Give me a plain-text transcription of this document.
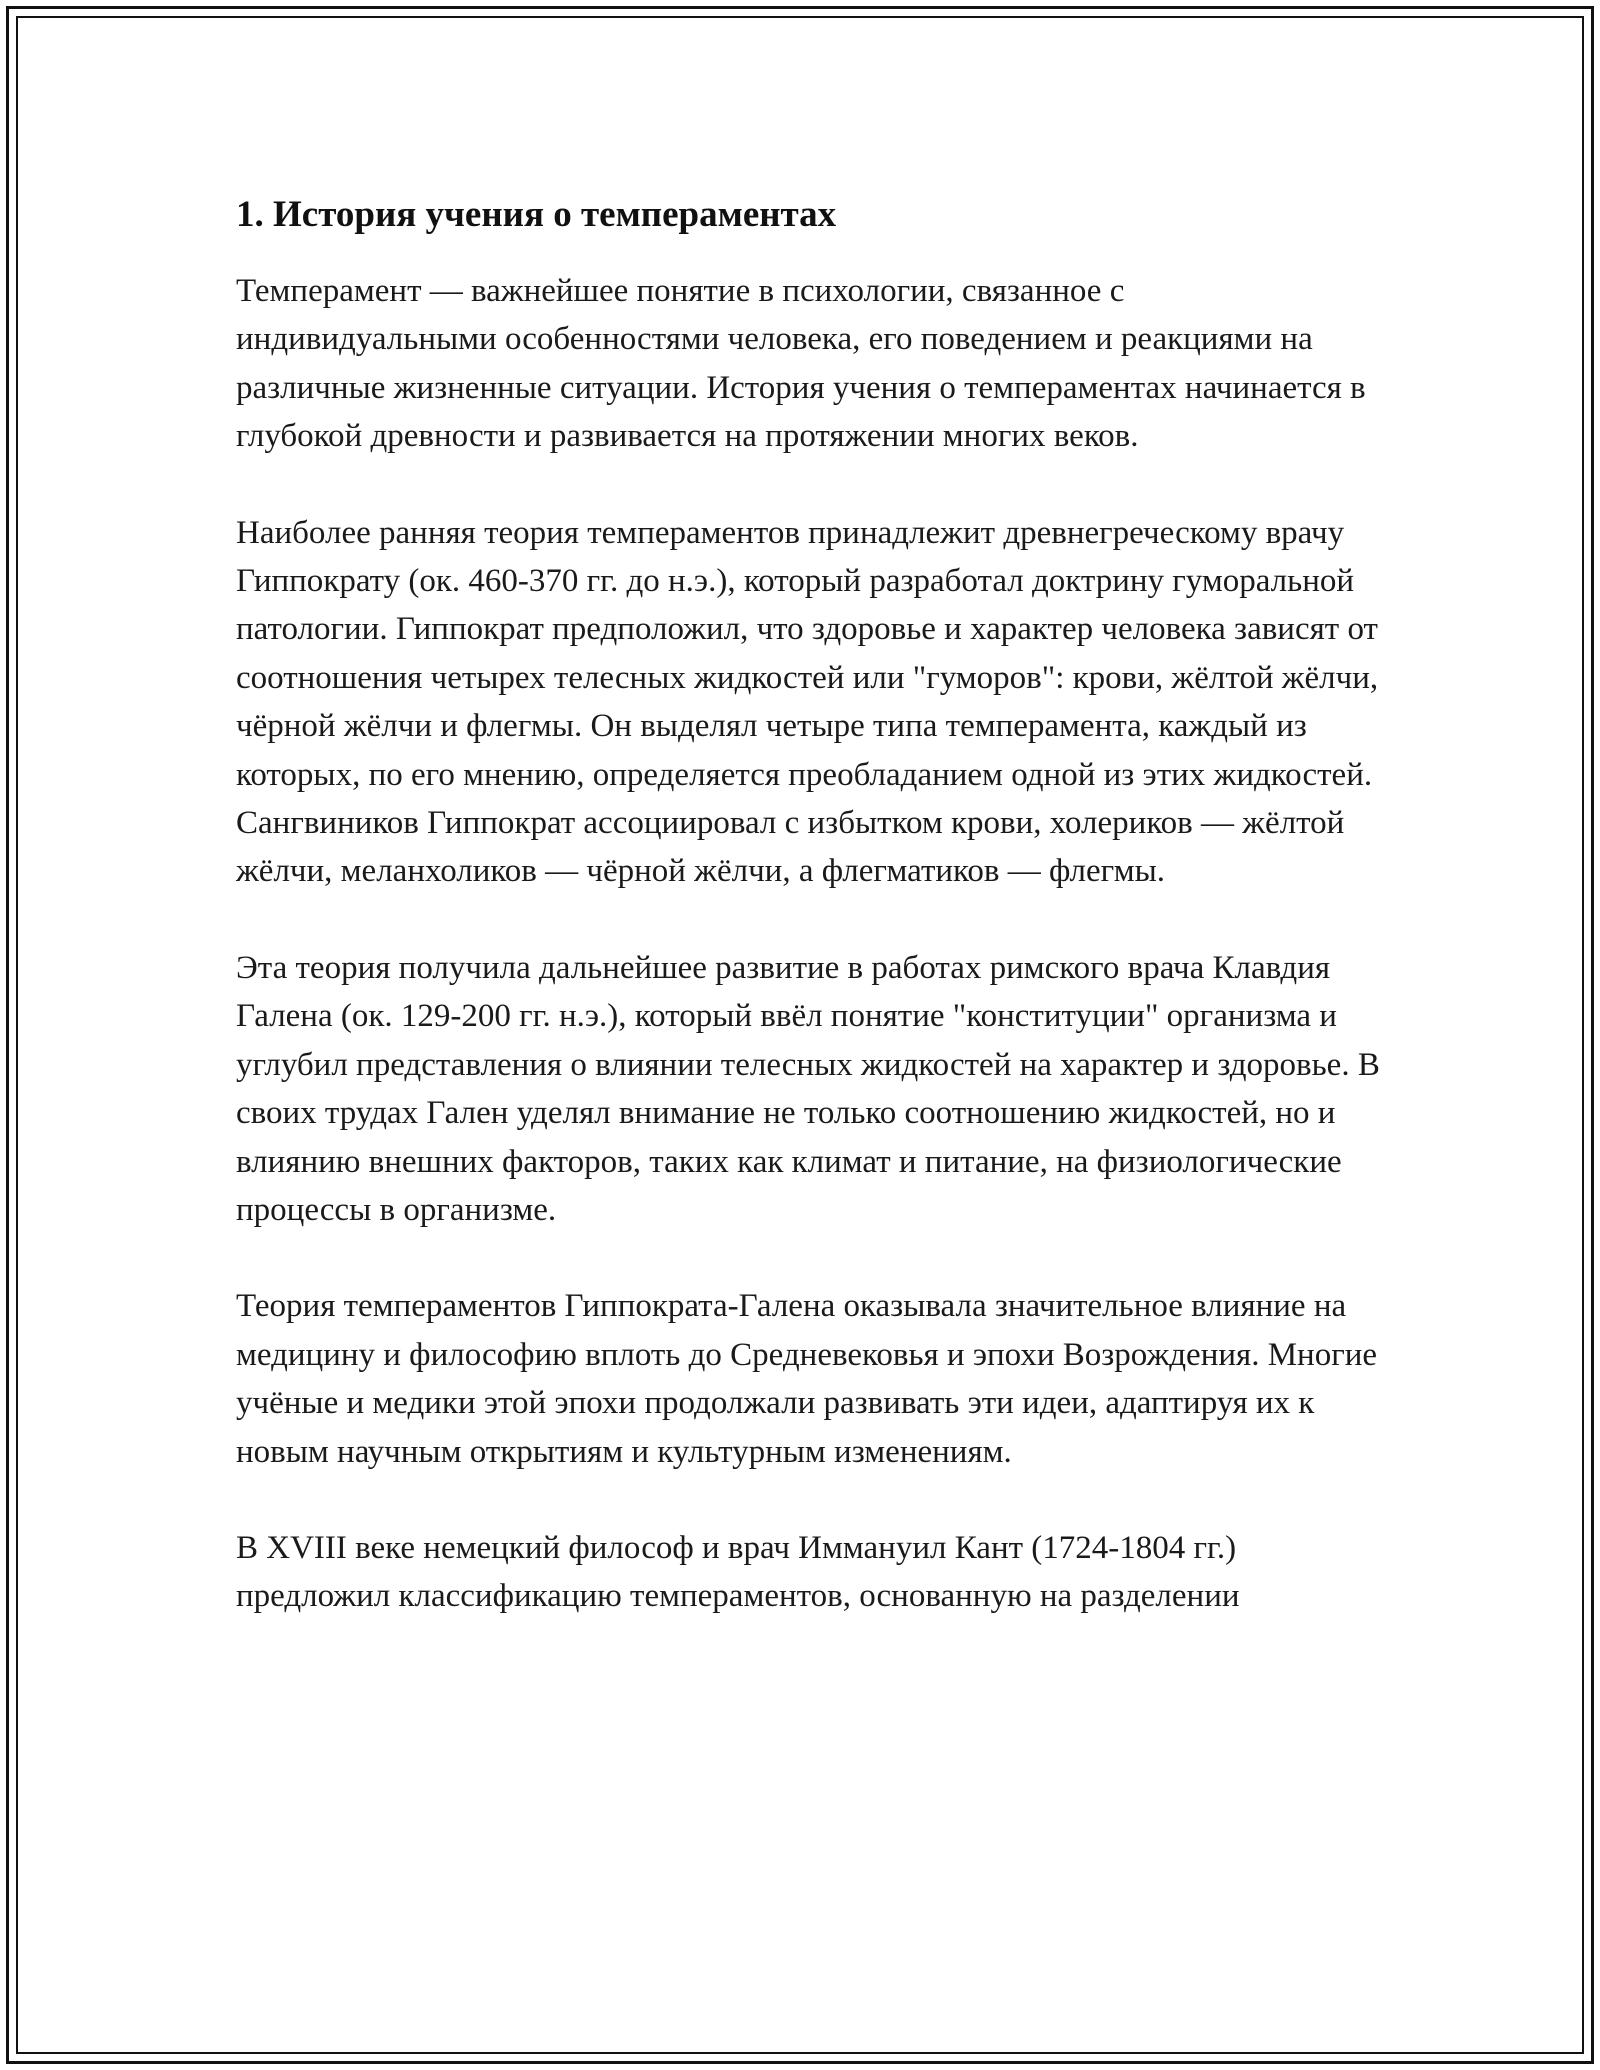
1. История учения о темпераментах

Темперамент — важнейшее понятие в психологии, связанное с индивидуальными особенностями человека, его поведением и реакциями на различные жизненные ситуации. История учения о темпераментах начинается в глубокой древности и развивается на протяжении многих веков.

Наиболее ранняя теория темпераментов принадлежит древнегреческому врачу Гиппократу (ок. 460-370 гг. до н.э.), который разработал доктрину гуморальной патологии. Гиппократ предположил, что здоровье и характер человека зависят от соотношения четырех телесных жидкостей или "гуморов": крови, жёлтой жёлчи, чёрной жёлчи и флегмы. Он выделял четыре типа темперамента, каждый из которых, по его мнению, определяется преобладанием одной из этих жидкостей. Сангвиников Гиппократ ассоциировал с избытком крови, холериков — жёлтой жёлчи, меланхоликов — чёрной жёлчи, а флегматиков — флегмы.

Эта теория получила дальнейшее развитие в работах римского врача Клавдия Галена (ок. 129-200 гг. н.э.), который ввёл понятие "конституции" организма и углубил представления о влиянии телесных жидкостей на характер и здоровье. В своих трудах Гален уделял внимание не только соотношению жидкостей, но и влиянию внешних факторов, таких как климат и питание, на физиологические процессы в организме.

Теория темпераментов Гиппократа-Галена оказывала значительное влияние на медицину и философию вплоть до Средневековья и эпохи Возрождения. Многие учёные и медики этой эпохи продолжали развивать эти идеи, адаптируя их к новым научным открытиям и культурным изменениям.

В XVIII веке немецкий философ и врач Иммануил Кант (1724-1804 гг.) предложил классификацию темпераментов, основанную на разделении
